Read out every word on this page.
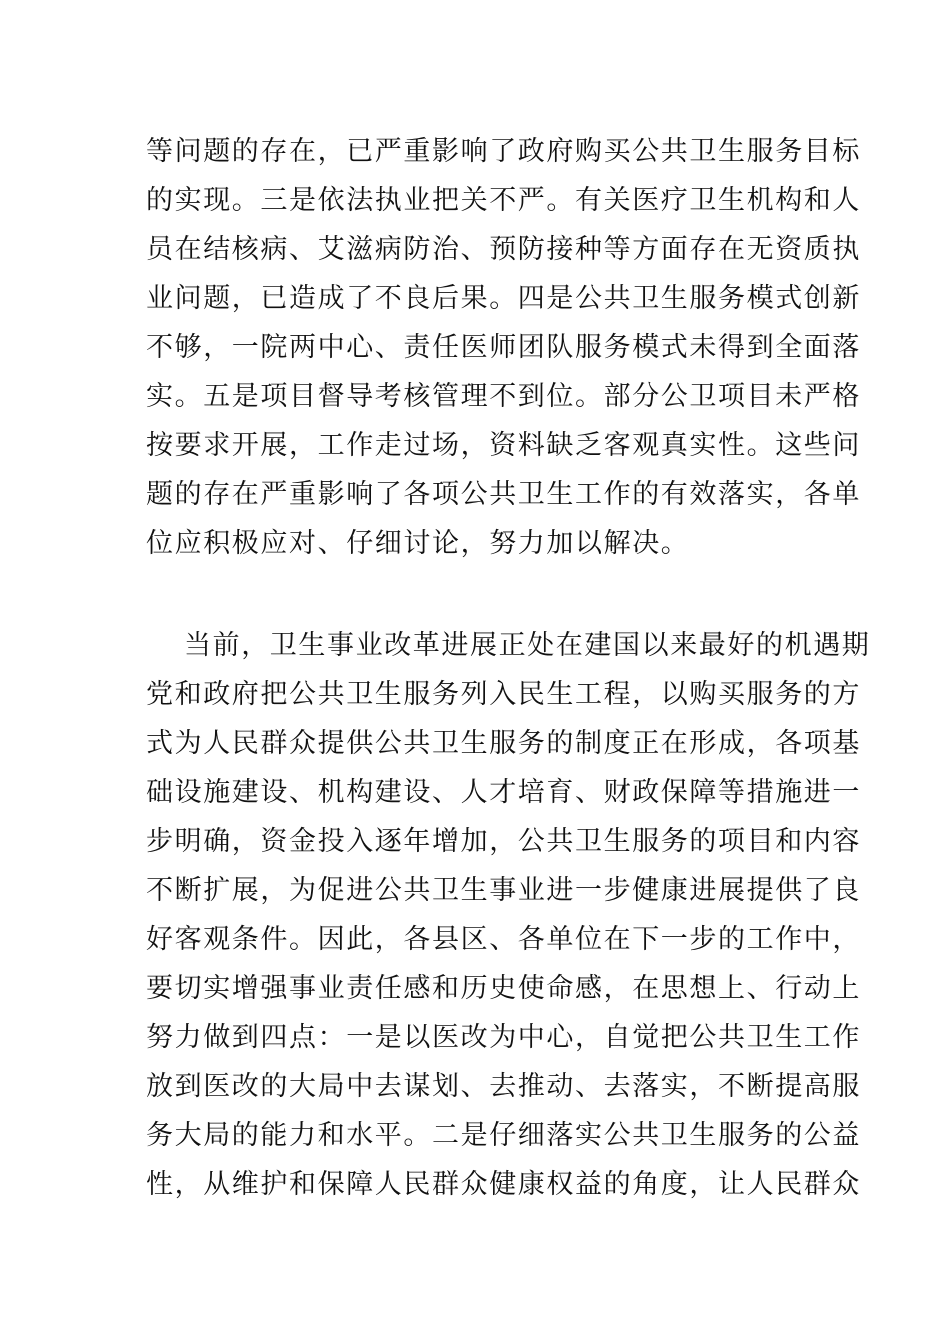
等问题的存在，已严重影响了政府购买公共卫生服务目标
的实现。三是依法执业把关不严。有关医疗卫生机构和人
员在结核病、艾滋病防治、预防接种等方面存在无资质执
业问题，已造成了不良后果。四是公共卫生服务模式创新
不够，一院两中心、责任医师团队服务模式未得到全面落
实。五是项目督导考核管理不到位。部分公卫项目未严格
按要求开展，工作走过场，资料缺乏客观真实性。这些问
题的存在严重影响了各项公共卫生工作的有效落实，各单
位应积极应对、仔细讨论，努力加以解决。
当前，卫生事业改革进展正处在建国以来最好的机遇期
党和政府把公共卫生服务列入民生工程，以购买服务的方
式为人民群众提供公共卫生服务的制度正在形成，各项基
础设施建设、机构建设、人才培育、财政保障等措施进一
步明确，资金投入逐年增加，公共卫生服务的项目和内容
不断扩展，为促进公共卫生事业进一步健康进展提供了良
好客观条件。因此，各县区、各单位在下一步的工作中，
要切实增强事业责任感和历史使命感，在思想上、行动上
努力做到四点：一是以医改为中心，自觉把公共卫生工作
放到医改的大局中去谋划、去推动、去落实，不断提高服
务大局的能力和水平。二是仔细落实公共卫生服务的公益
性，从维护和保障人民群众健康权益的角度，让人民群众
